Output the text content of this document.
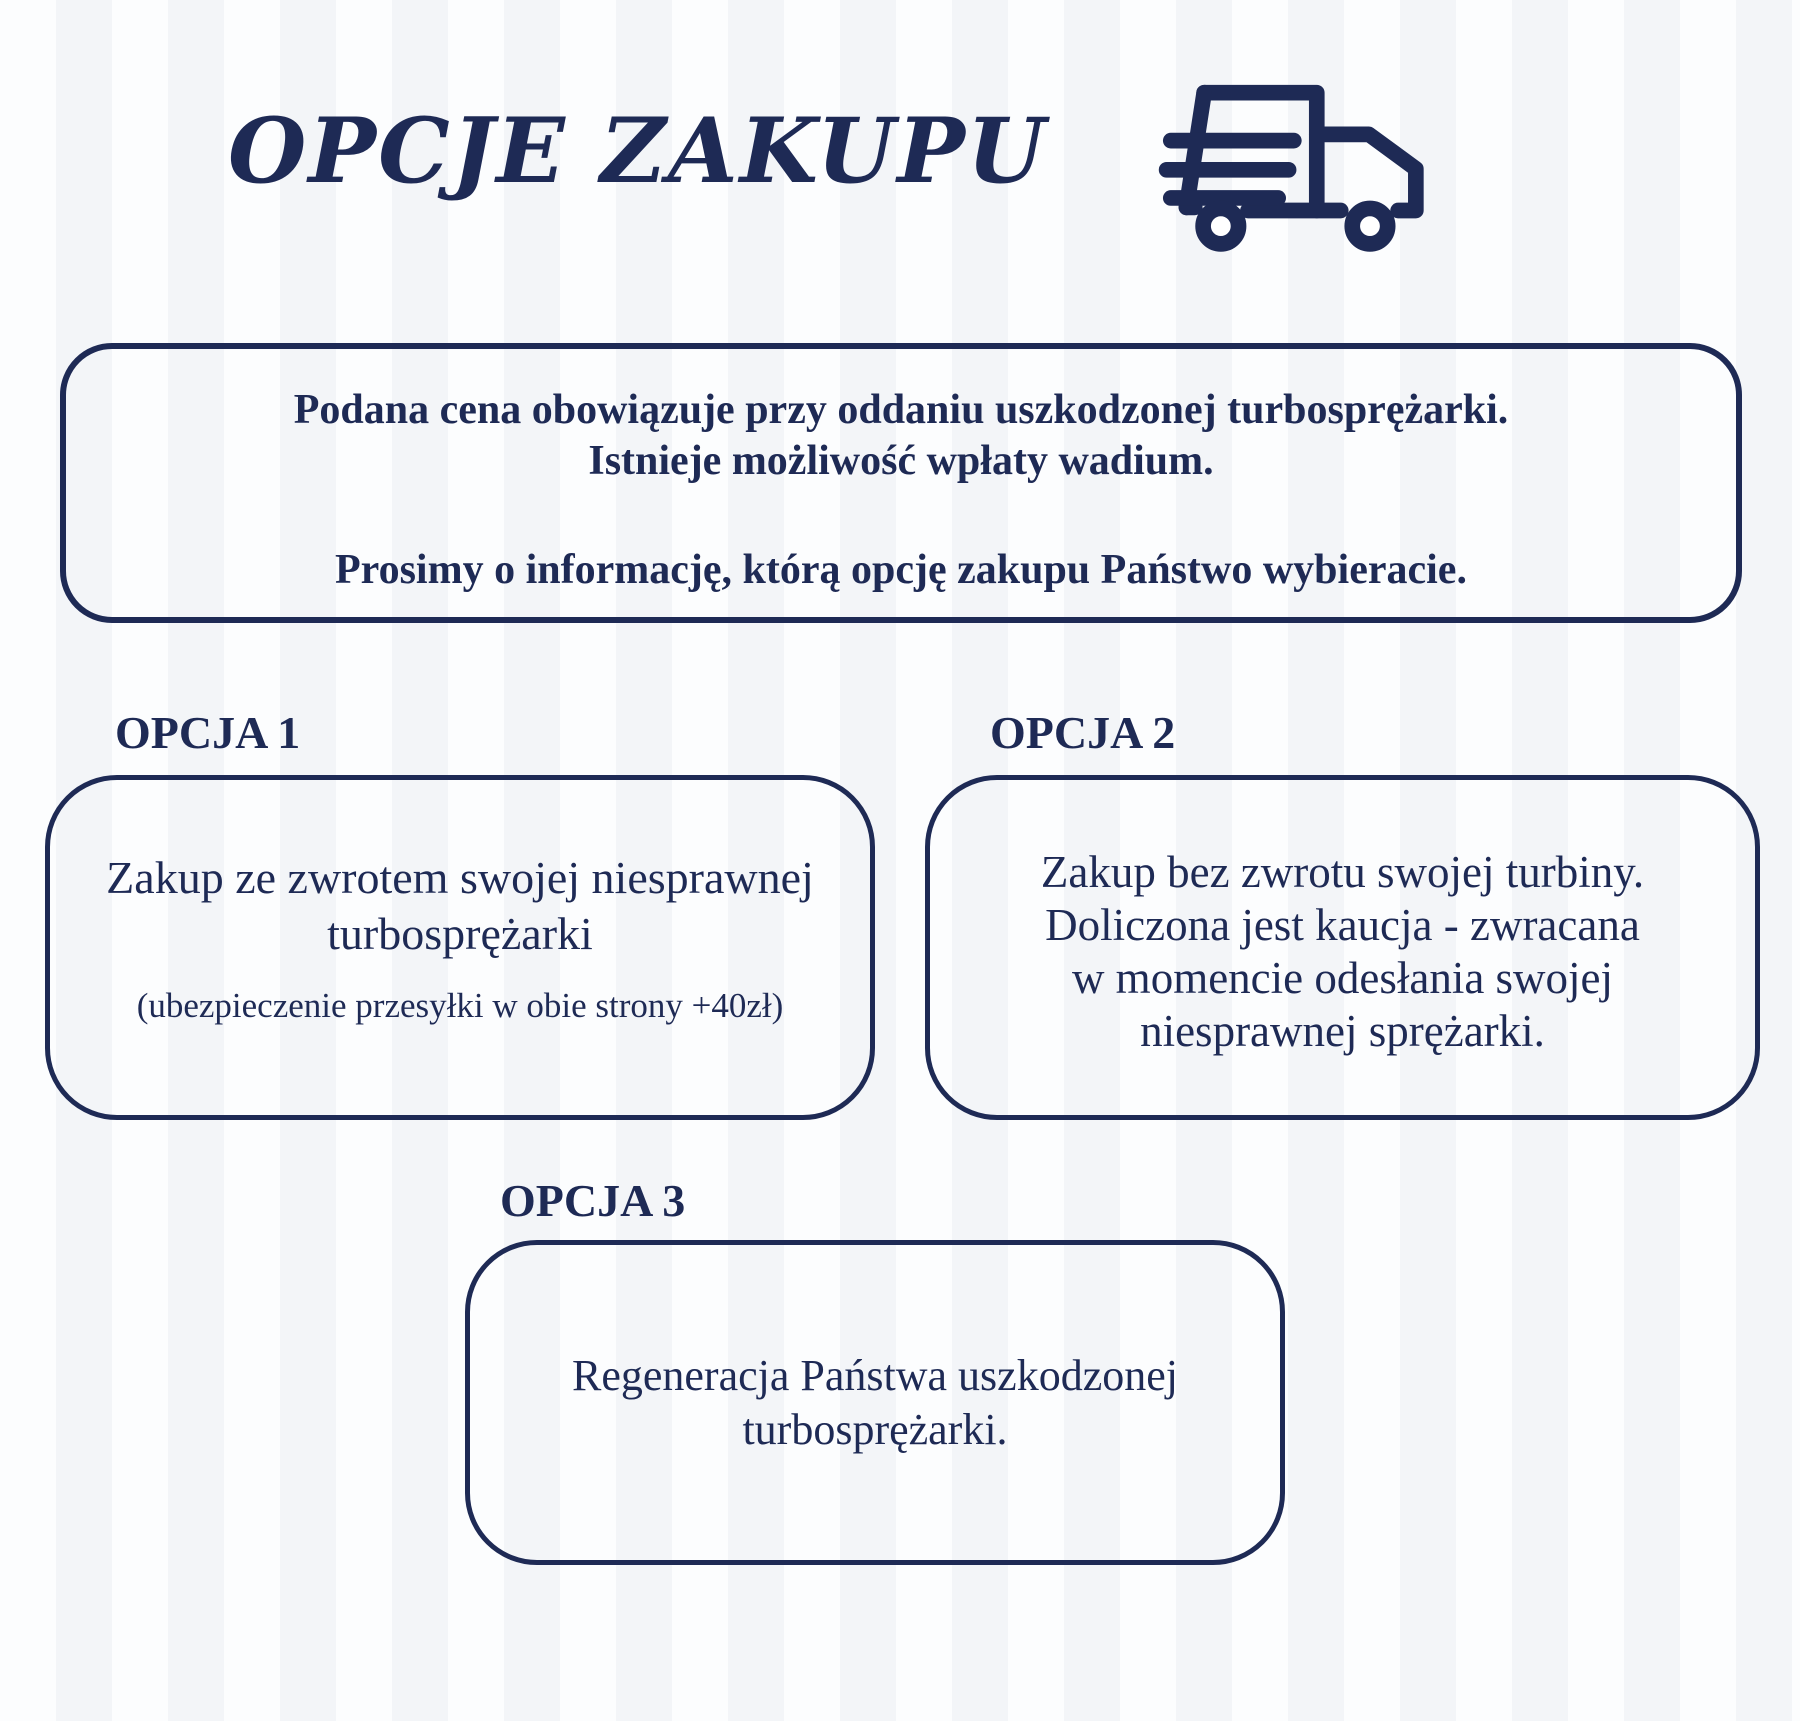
OPCJE ZAKUPU
Podana cena obowiązuje przy oddaniu uszkodzonej turbosprężarki.
Istnieje możliwość wpłaty wadium.
Prosimy o informację, którą opcję zakupu Państwo wybieracie.
OPCJA 1	OPCJA 2
Zakup ze zwrotem swojej niesprawnej
turbosprężarki
(ubezpieczenie przesyłki w obie strony +40zł)
Zakup bez zwrotu swojej turbiny.
Doliczona jest kaucja - zwracana
w momencie odesłania swojej
niesprawnej sprężarki.
OPCJA 3
Regeneracja Państwa uszkodzonej
turbosprężarki.
